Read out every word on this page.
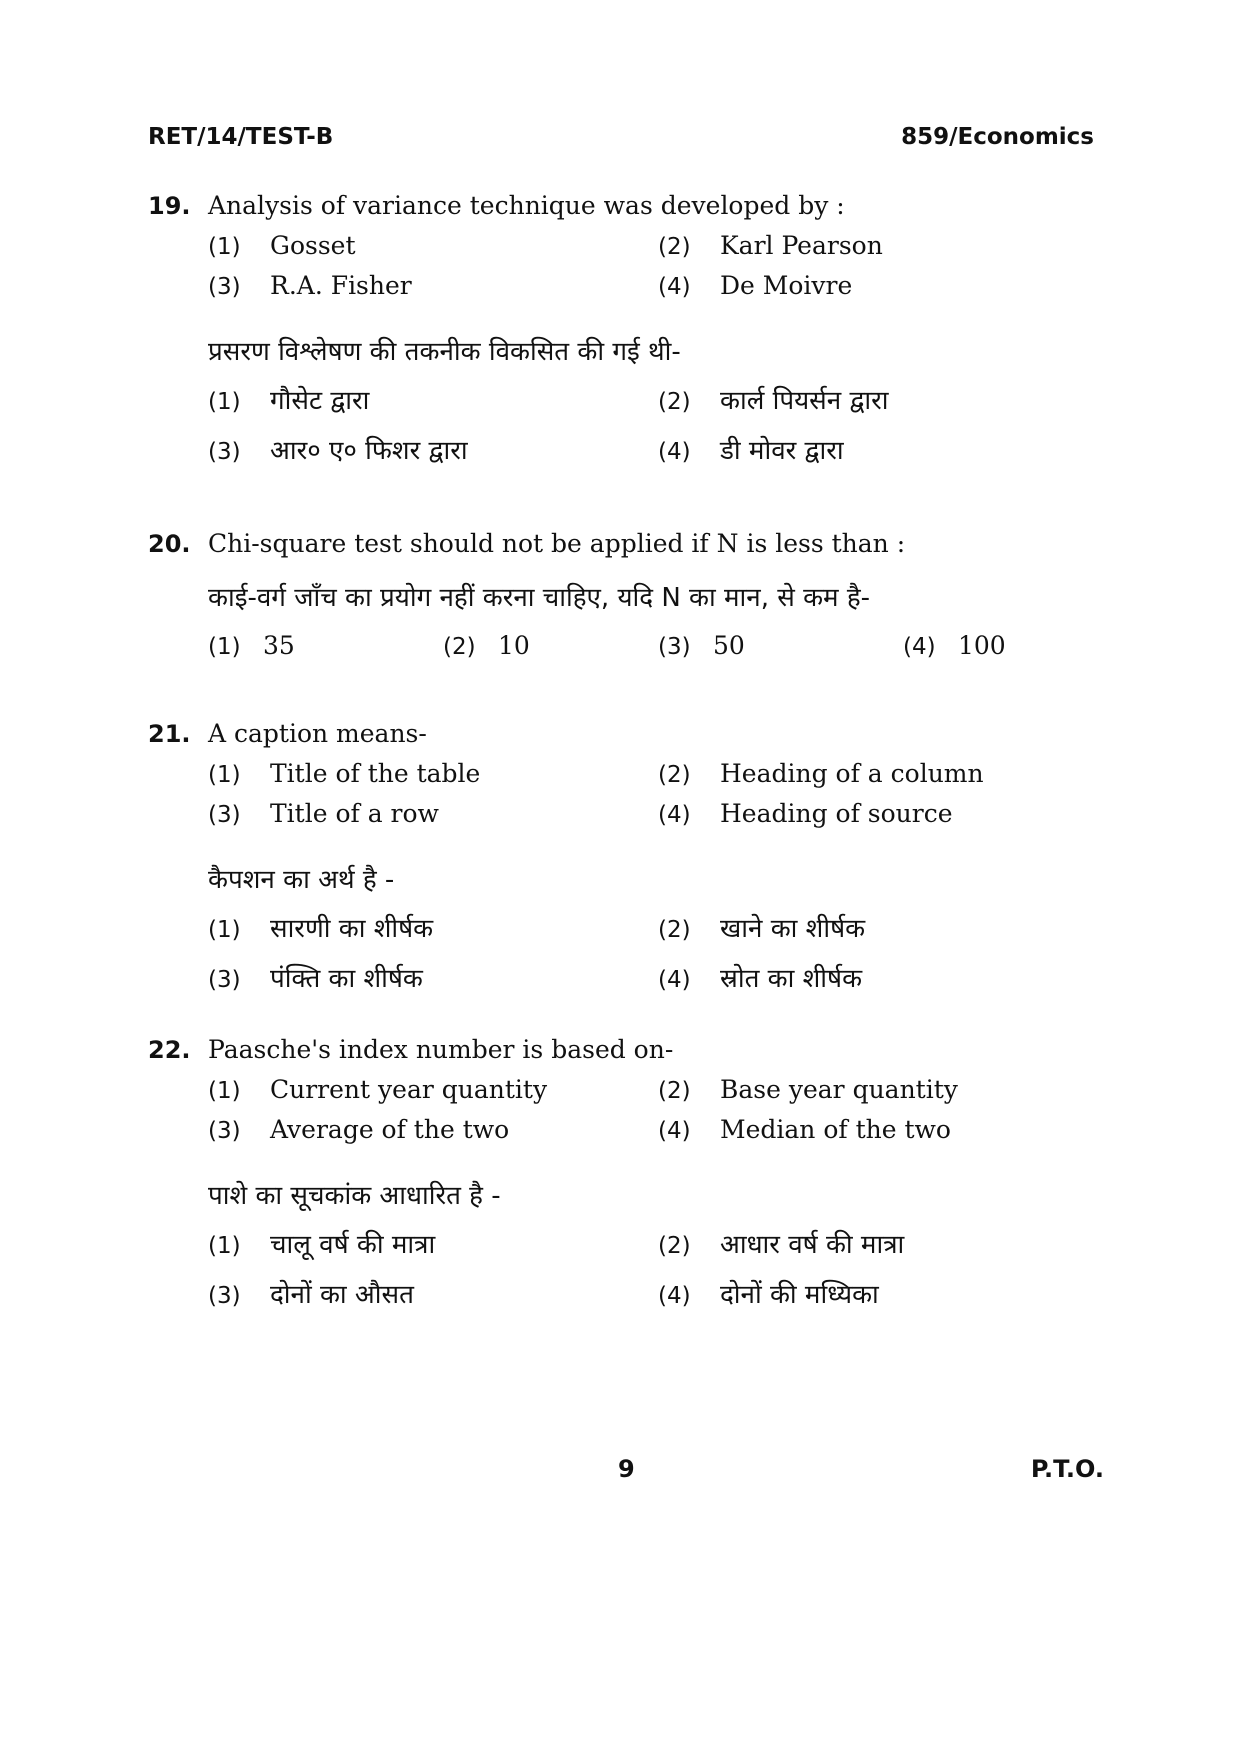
RET/14/TEST-B	859/Economics
19. Analysis of variance technique was developed by :
(1) Gosset	(2) Karl Pearson
(3) R.A. Fisher	(4) De Moivre
प्रसरण विश्लेषण की तकनीक विकसित की गई थी-
(1) गौसेट द्वारा	(2) कार्ल पियर्सन द्वारा
(3) आर० ए० फिशर द्वारा	(4) डी मोवर द्वारा
20. Chi-square test should not be applied if N is less than :
काई-वर्ग जाँच का प्रयोग नहीं करना चाहिए, यदि N का मान, से कम है-
(1) 35	(2) 10	(3) 50	(4) 100
21. A caption means-
(1) Title of the table	(2) Heading of a column
(3) Title of a row	(4) Heading of source
कैपशन का अर्थ है -
(1) सारणी का शीर्षक	(2) खाने का शीर्षक
(3) पंक्ति का शीर्षक	(4) स्रोत का शीर्षक
22. Paasche's index number is based on-
(1) Current year quantity	(2) Base year quantity
(3) Average of the two	(4) Median of the two
पाशे का सूचकांक आधारित है -
(1) चालू वर्ष की मात्रा	(2) आधार वर्ष की मात्रा
(3) दोनों का औसत	(4) दोनों की मध्यिका
9	P.T.O.
